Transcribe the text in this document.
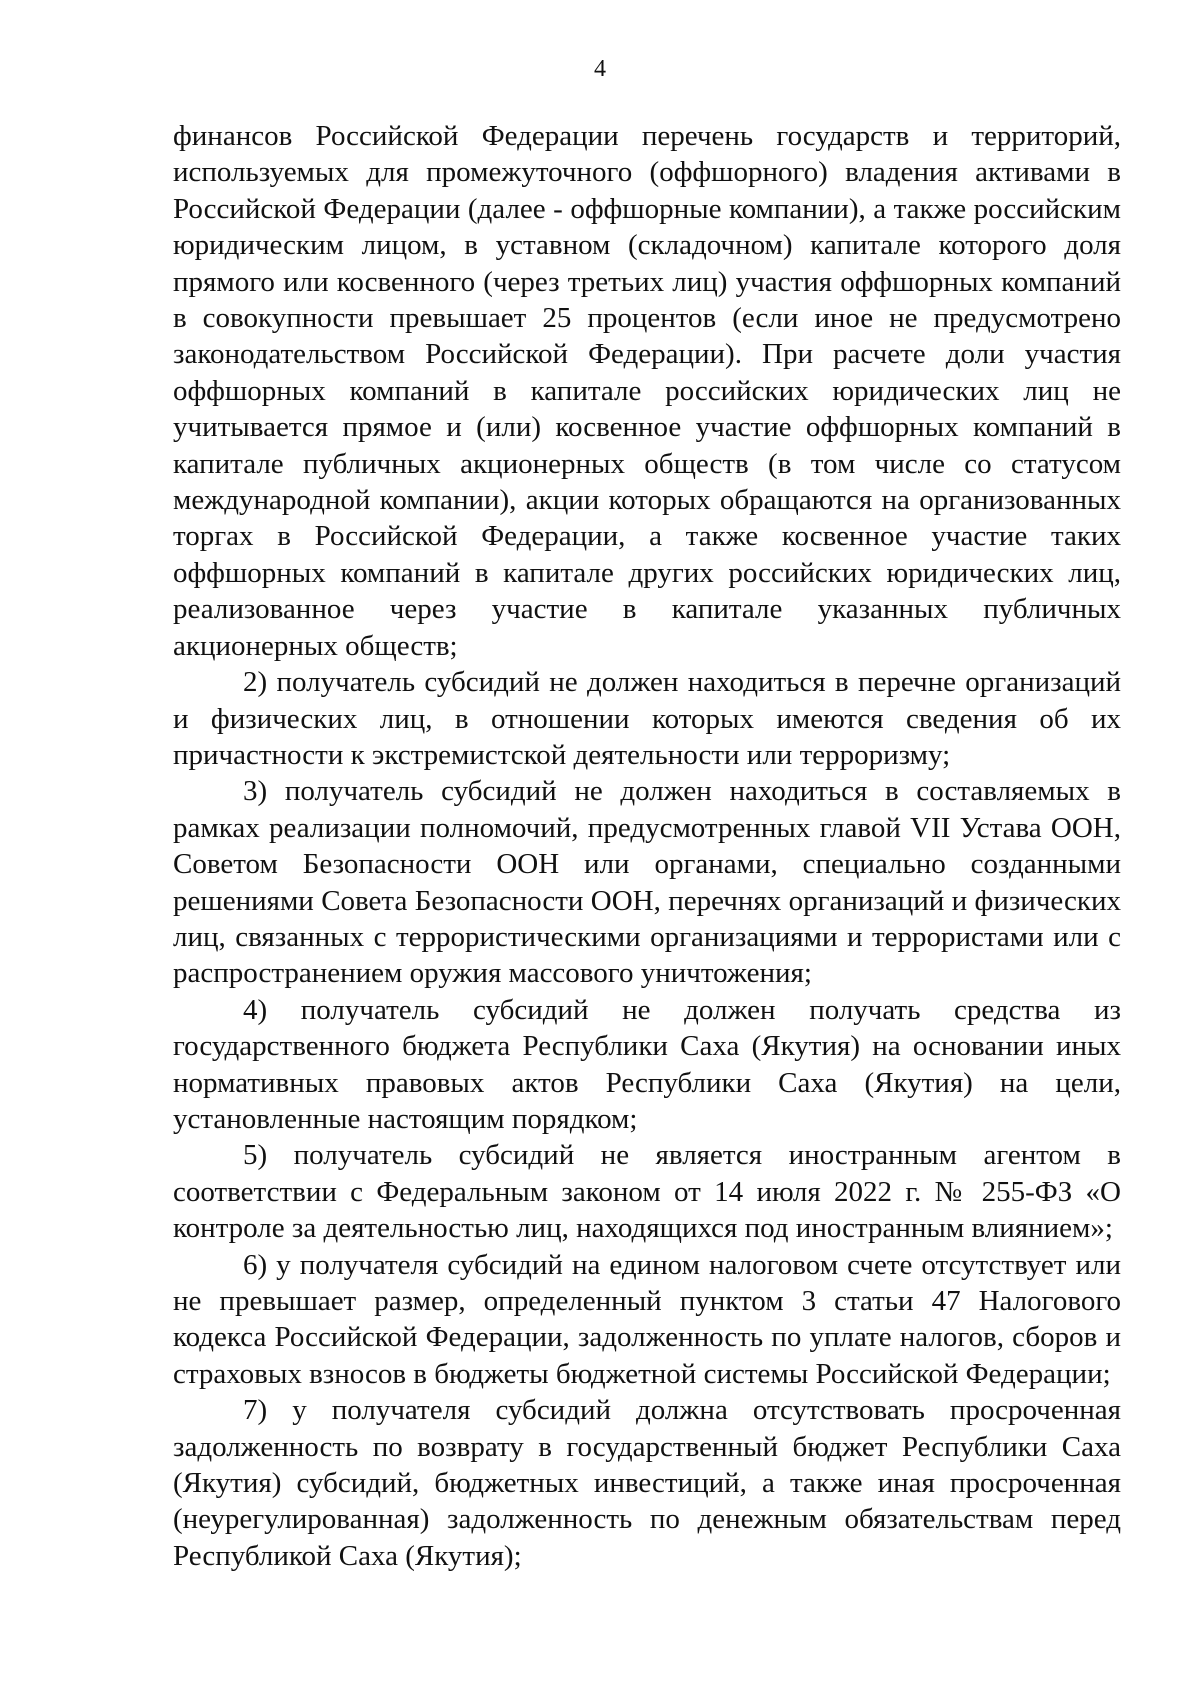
4

финансов Российской Федерации перечень государств и территорий, используемых для промежуточного (оффшорного) владения активами в Российской Федерации (далее - оффшорные компании), а также российским юридическим лицом, в уставном (складочном) капитале которого доля прямого или косвенного (через третьих лиц) участия оффшорных компаний в совокупности превышает 25 процентов (если иное не предусмотрено законодательством Российской Федерации). При расчете доли участия оффшорных компаний в капитале российских юридических лиц не учитывается прямое и (или) косвенное участие оффшорных компаний в капитале публичных акционерных обществ (в том числе со статусом международной компании), акции которых обращаются на организованных торгах в Российской Федерации, а также косвенное участие таких оффшорных компаний в капитале других российских юридических лиц, реализованное через участие в капитале указанных публичных акционерных обществ;

2) получатель субсидий не должен находиться в перечне организаций и физических лиц, в отношении которых имеются сведения об их причастности к экстремистской деятельности или терроризму;

3) получатель субсидий не должен находиться в составляемых в рамках реализации полномочий, предусмотренных главой VII Устава ООН, Советом Безопасности ООН или органами, специально созданными решениями Совета Безопасности ООН, перечнях организаций и физических лиц, связанных с террористическими организациями и террористами или с распространением оружия массового уничтожения;

4) получатель субсидий не должен получать средства из государственного бюджета Республики Саха (Якутия) на основании иных нормативных правовых актов Республики Саха (Якутия) на цели, установленные настоящим порядком;

5) получатель субсидий не является иностранным агентом в соответствии с Федеральным законом от 14 июля 2022 г. № 255-ФЗ «О контроле за деятельностью лиц, находящихся под иностранным влиянием»;

6) у получателя субсидий на едином налоговом счете отсутствует или не превышает размер, определенный пунктом 3 статьи 47 Налогового кодекса Российской Федерации, задолженность по уплате налогов, сборов и страховых взносов в бюджеты бюджетной системы Российской Федерации;

7) у получателя субсидий должна отсутствовать просроченная задолженность по возврату в государственный бюджет Республики Саха (Якутия) субсидий, бюджетных инвестиций, а также иная просроченная (неурегулированная) задолженность по денежным обязательствам перед Республикой Саха (Якутия);
